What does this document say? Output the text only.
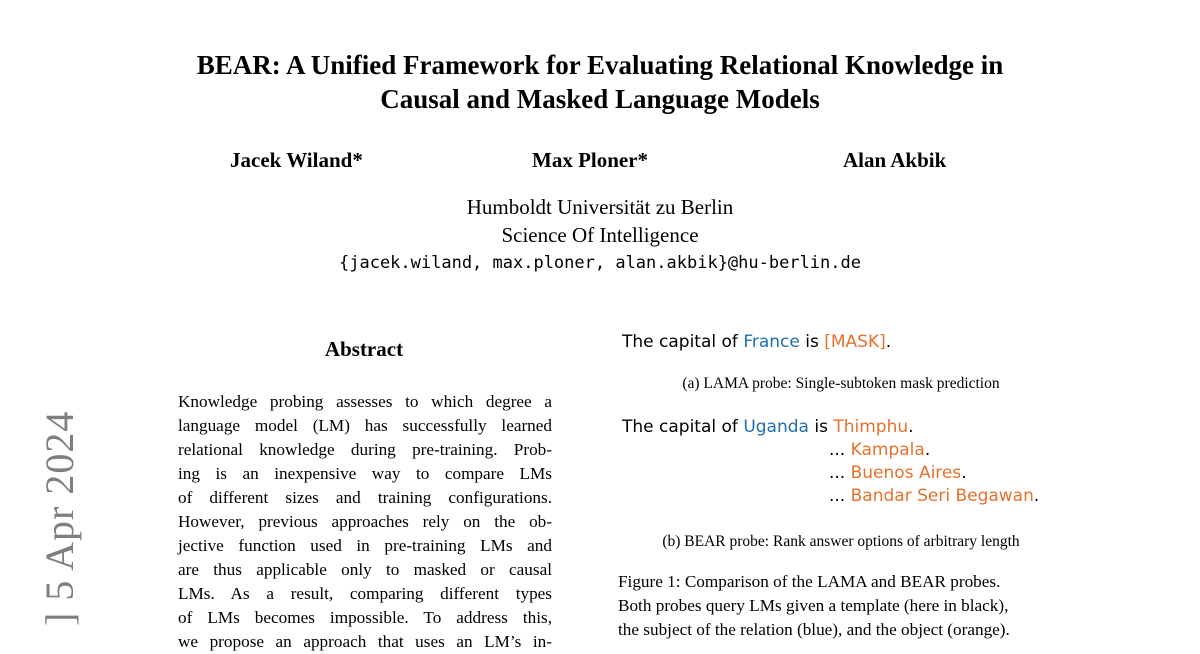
BEAR: A Unified Framework for Evaluating Relational Knowledge in
Causal and Masked Language Models
Jacek Wiland*	Max Ploner*	Alan Akbik
Humboldt Universität zu Berlin
Science Of Intelligence
{jacek.wiland, max.ploner, alan.akbik}@hu-berlin.de
] 5 Apr 2024
Abstract
Knowledge probing assesses to which degree a
language model (LM) has successfully learned
relational knowledge during pre-training. Prob-
ing is an inexpensive way to compare LMs
of different sizes and training configurations.
However, previous approaches rely on the ob-
jective function used in pre-training LMs and
are thus applicable only to masked or causal
LMs. As a result, comparing different types
of LMs becomes impossible. To address this,
we propose an approach that uses an LM’s in-
The capital of France is [MASK].
(a) LAMA probe: Single-subtoken mask prediction
The capital of Uganda is Thimphu.
... Kampala.
... Buenos Aires.
... Bandar Seri Begawan.
(b) BEAR probe: Rank answer options of arbitrary length
Figure 1: Comparison of the LAMA and BEAR probes.
Both probes query LMs given a template (here in black),
the subject of the relation (blue), and the object (orange).
